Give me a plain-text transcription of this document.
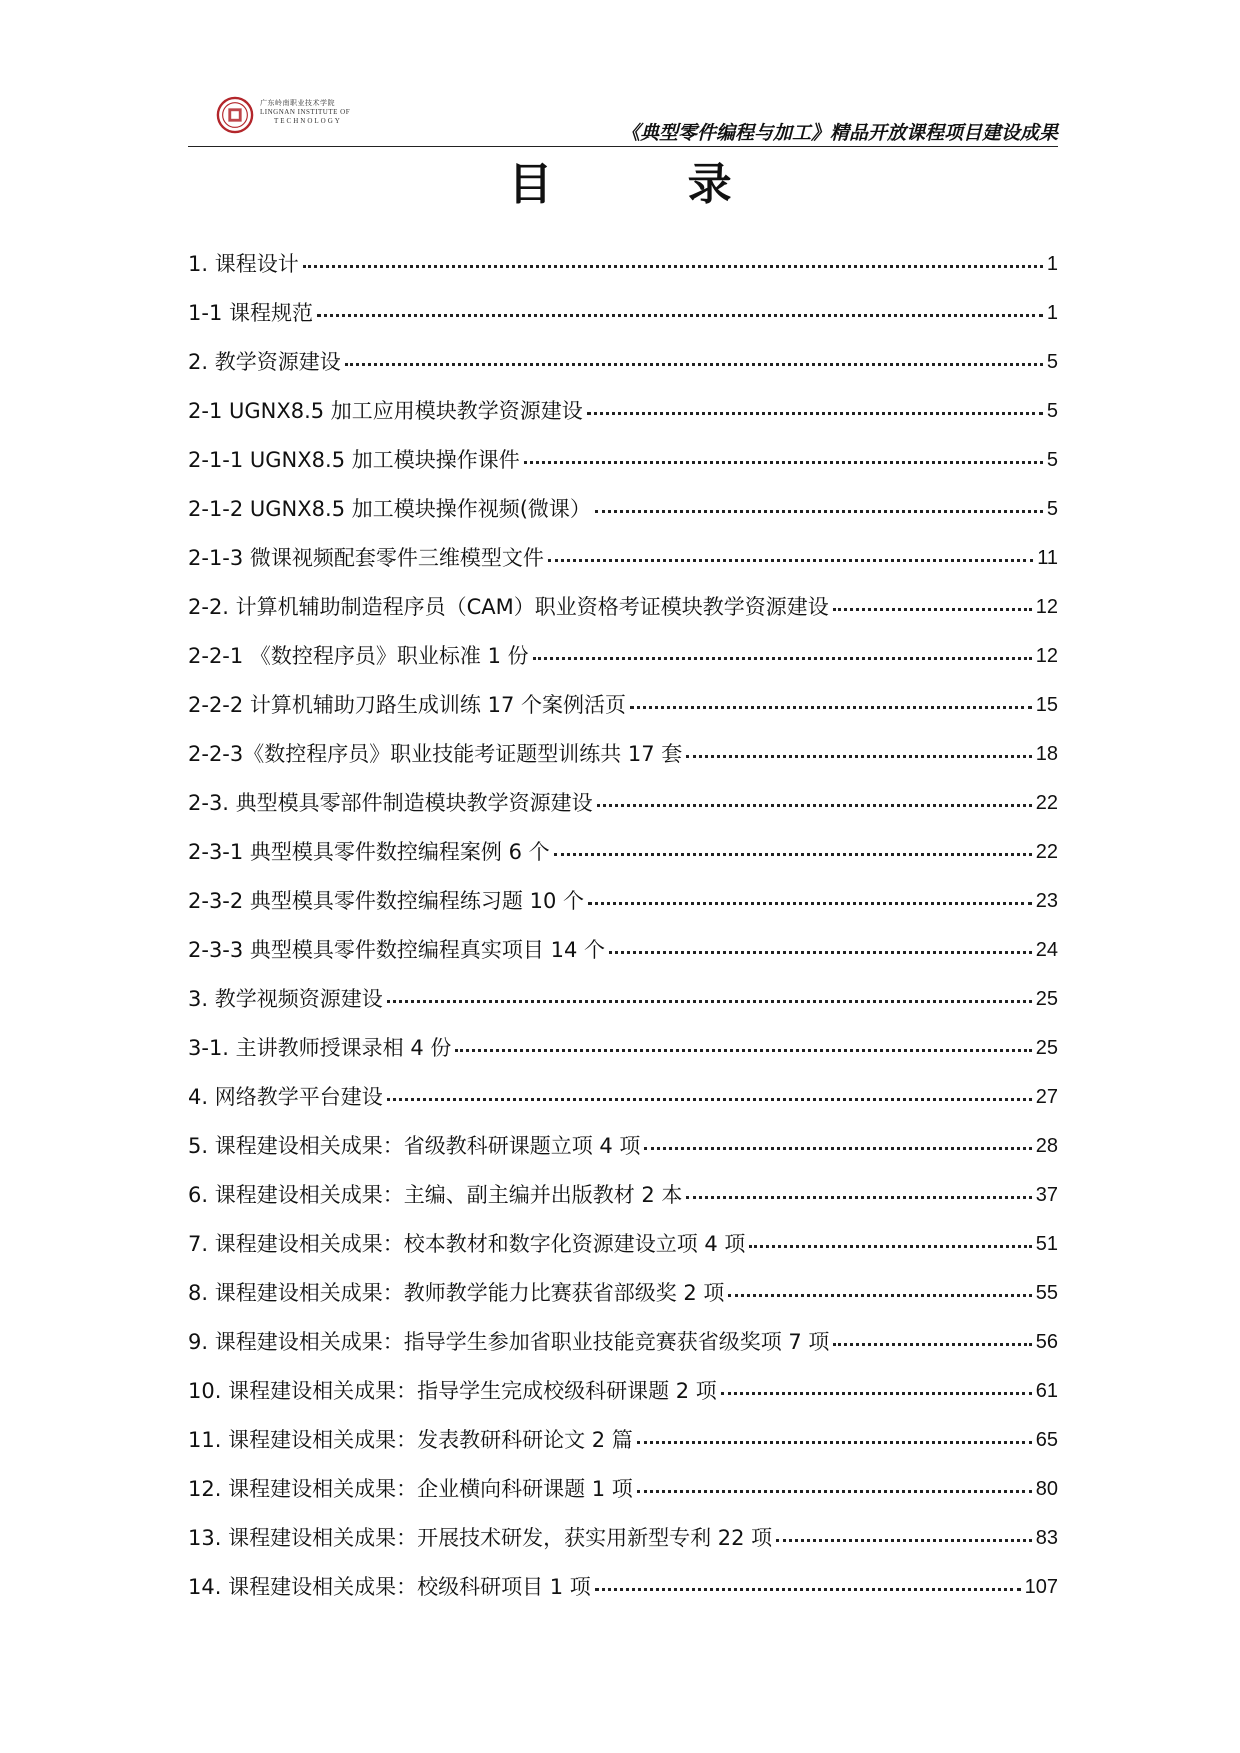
广东岭南职业技术学院
LINGNAN INSTITUTE OF
TECHNOLOGY
《典型零件编程与加工》精品开放课程项目建设成果
目 录
1. 课程设计	1
1-1 课程规范	1
2. 教学资源建设	5
2-1 UGNX8.5 加工应用模块教学资源建设	5
2-1-1 UGNX8.5 加工模块操作课件	5
2-1-2 UGNX8.5 加工模块操作视频(微课）	5
2-1-3 微课视频配套零件三维模型文件	11
2-2. 计算机辅助制造程序员（CAM）职业资格考证模块教学资源建设	12
2-2-1 《数控程序员》职业标准 1 份	12
2-2-2 计算机辅助刀路生成训练 17 个案例活页	15
2-2-3《数控程序员》职业技能考证题型训练共 17 套	18
2-3. 典型模具零部件制造模块教学资源建设	22
2-3-1 典型模具零件数控编程案例 6 个	22
2-3-2 典型模具零件数控编程练习题 10 个	23
2-3-3 典型模具零件数控编程真实项目 14 个	24
3. 教学视频资源建设	25
3-1. 主讲教师授课录相 4 份	25
4. 网络教学平台建设	27
5. 课程建设相关成果：省级教科研课题立项 4 项	28
6. 课程建设相关成果：主编、副主编并出版教材 2 本	37
7. 课程建设相关成果：校本教材和数字化资源建设立项 4 项	51
8. 课程建设相关成果：教师教学能力比赛获省部级奖 2 项	55
9. 课程建设相关成果：指导学生参加省职业技能竞赛获省级奖项 7 项	56
10. 课程建设相关成果：指导学生完成校级科研课题 2 项	61
11. 课程建设相关成果：发表教研科研论文 2 篇	65
12. 课程建设相关成果：企业横向科研课题 1 项	80
13. 课程建设相关成果：开展技术研发，获实用新型专利 22 项	83
14. 课程建设相关成果：校级科研项目 1 项	107
